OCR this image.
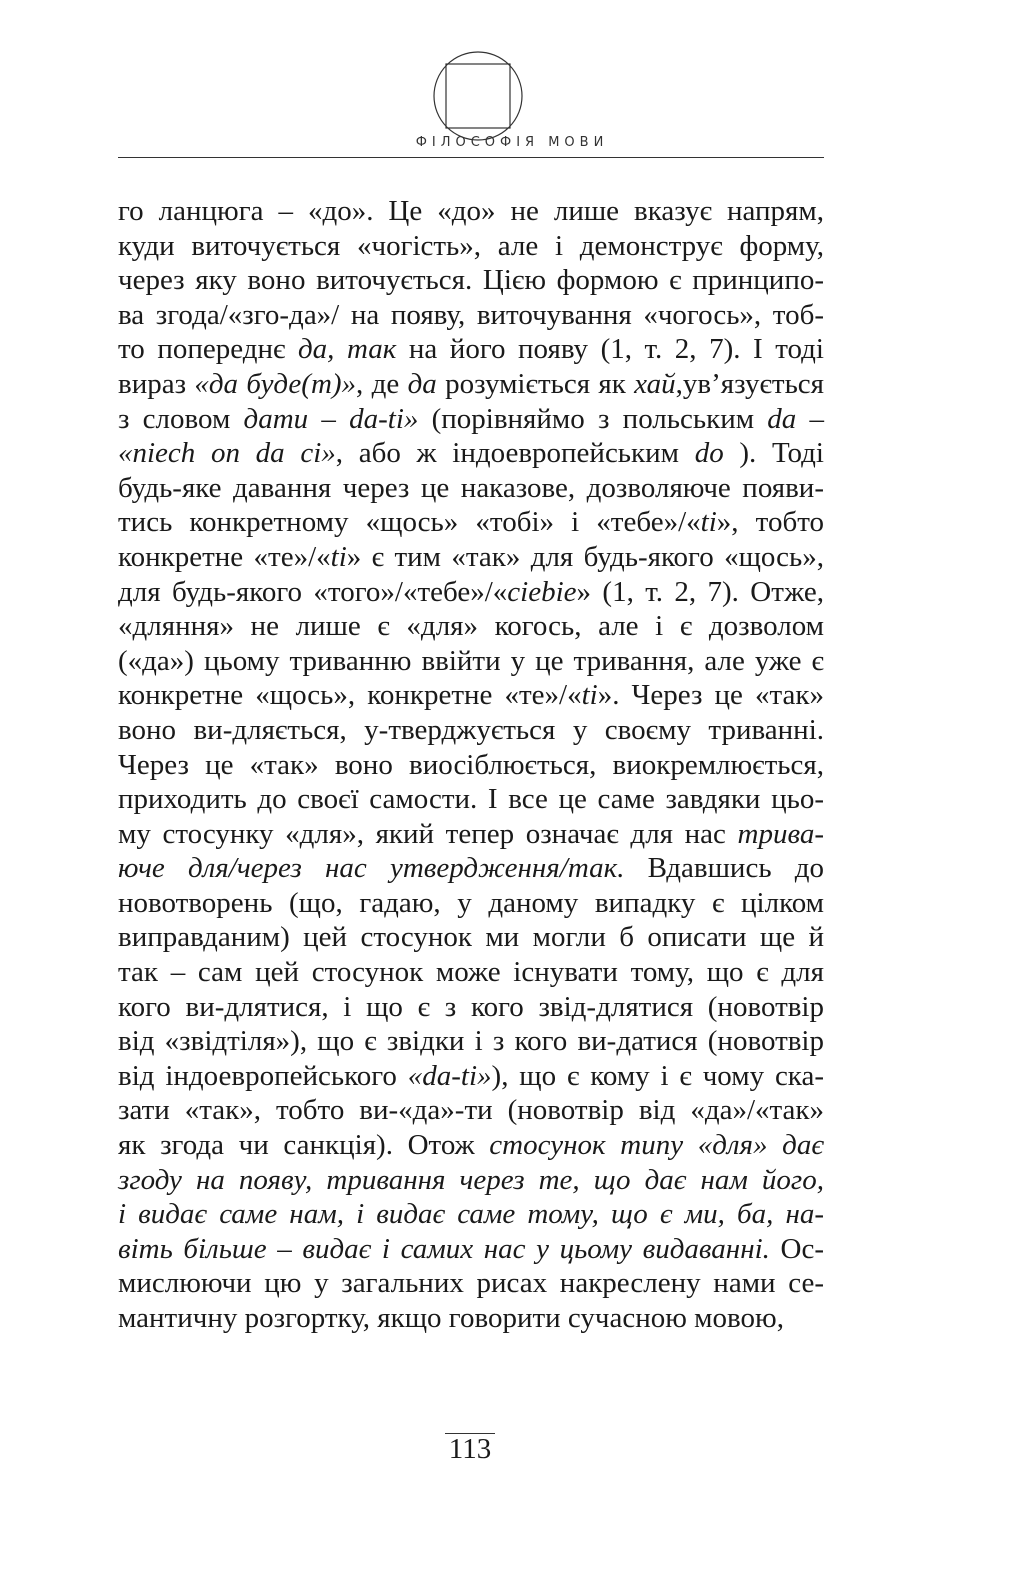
ФІЛОСОФІЯ МОВИ
го ланцюга – «до». Це «до» не лише вказує напрям,
куди виточується «чогість», але і демонструє форму,
через яку воно виточується. Цією формою є принципо-
ва згода/«зго-да»/ на появу, виточування «чогось», тоб-
то попереднє да, так на його появу (1, т. 2, 7). І тоді
вираз «да буде(т)», де да розуміється як хай,ув’язується
з словом дати – da-ti» (порівняймо з польським da –
«niech on da ci», або ж індоевропейським do ). Тоді
будь-яке давання через це наказове, дозволяюче появи-
тись конкретному «щось» «тобі» і «тебе»/«ti», тобто
конкретне «те»/«ti» є тим «так» для будь-якого «щось»,
для будь-якого «того»/«тебе»/«ciebie» (1, т. 2, 7). Отже,
«дляння» не лише є «для» когось, але і є дозволом
(«да») цьому триванню ввійти у це тривання, але уже є
конкретне «щось», конкретне «те»/«ti». Через це «так»
воно ви-дляється, у-тверджується у своєму триванні.
Через це «так» воно виосіблюється, виокремлюється,
приходить до своєї самости. І все це саме завдяки цьо-
му стосунку «для», який тепер означає для нас трива-
юче для/через нас утвердження/так. Вдавшись до
новотворень (що, гадаю, у даному випадку є цілком
виправданим) цей стосунок ми могли б описати ще й
так – сам цей стосунок може існувати тому, що є для
кого ви-длятися, і що є з кого звід-длятися (новотвір
від «звідтіля»), що є звідки і з кого ви-датися (новотвір
від індоевропейського «da-ti»), що є кому і є чому ска-
зати «так», тобто ви-«да»-ти (новотвір від «да»/«так»
як згода чи санкція). Отож стосунок типу «для» дає
згоду на появу, тривання через те, що дає нам його,
і видає саме нам, і видає саме тому, що є ми, ба, на-
віть більше – видає і самих нас у цьому видаванні. Ос-
мислюючи цю у загальних рисах накреслену нами се-
мантичну розгортку, якщо говорити сучасною мовою,
113
